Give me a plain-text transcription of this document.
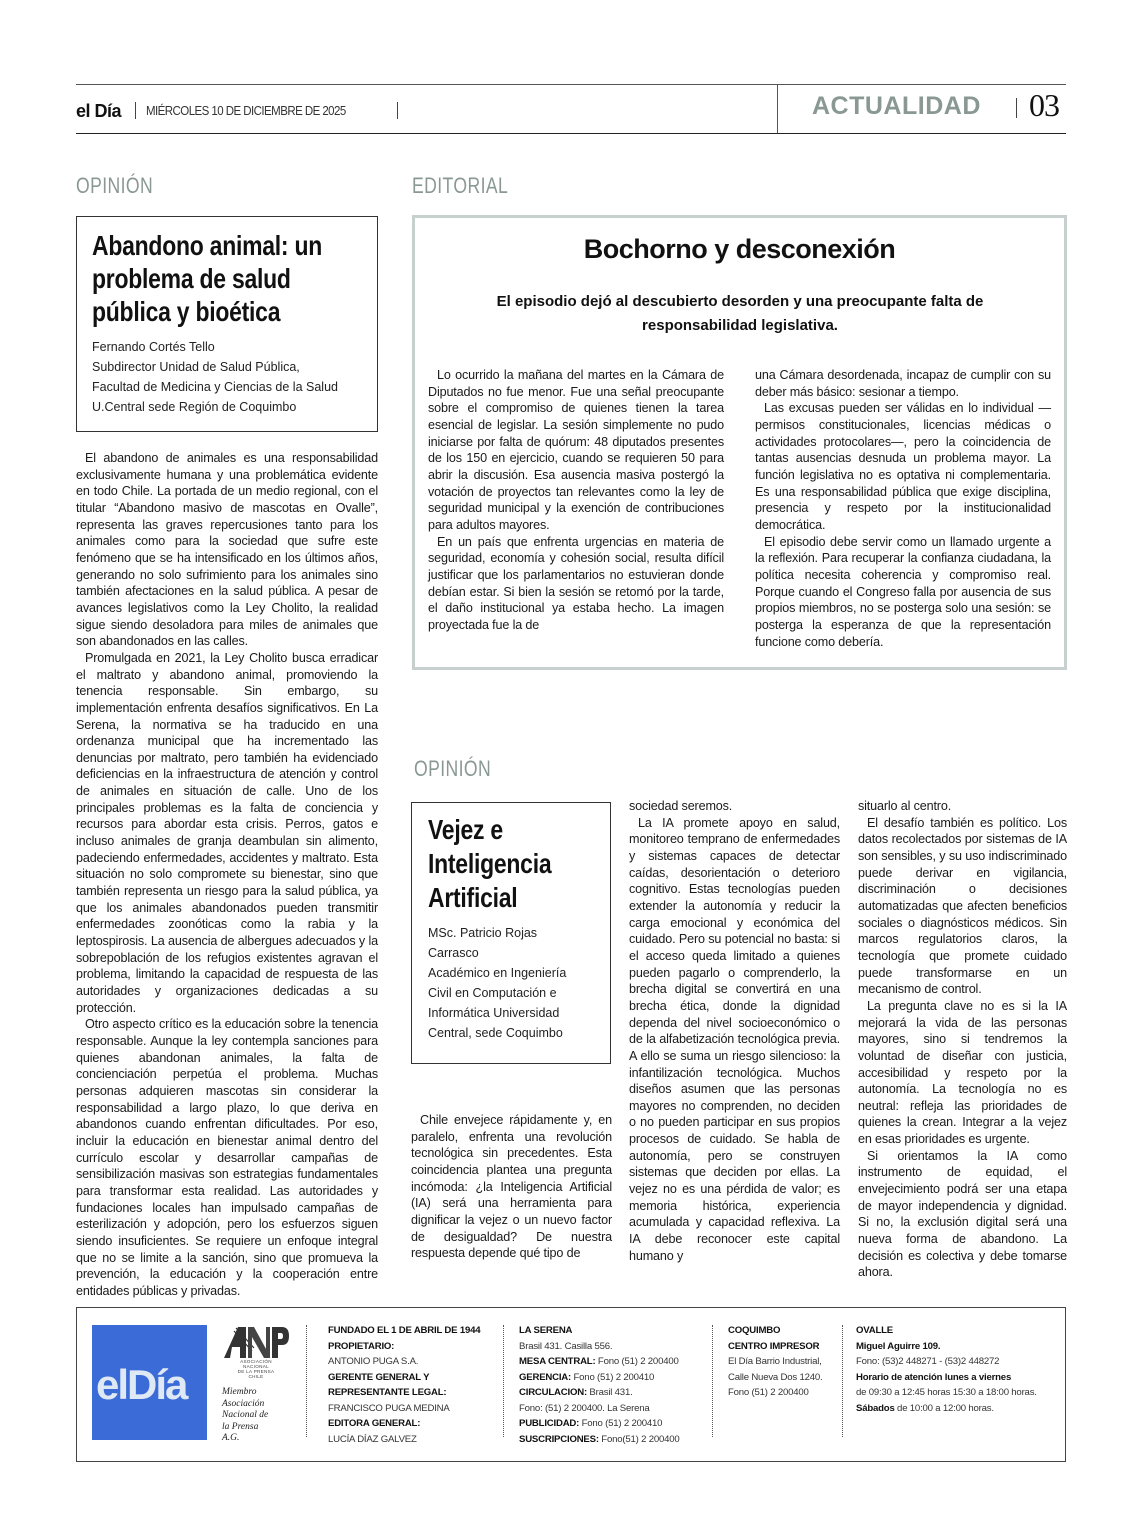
el Día MIÉRCOLES 10 DE DICIEMBRE DE 2025	ACTUALIDAD 03
OPINIÓN
Abandono animal: un
problema de salud
pública y bioética
Fernando Cortés Tello
Subdirector Unidad de Salud Pública,
Facultad de Medicina y Ciencias de la Salud
U.Central sede Región de Coquimbo

El abandono de animales es una responsabilidad exclusivamente humana y una problemática evidente en todo Chile. La portada de un medio regional, con el titular “Abandono masivo de mascotas en Ovalle”, representa las graves repercusiones tanto para los animales como para la sociedad que sufre este fenómeno que se ha intensificado en los últimos años, generando no solo sufrimiento para los animales sino también afectaciones en la salud pública. A pesar de avances legislativos como la Ley Cholito, la realidad sigue siendo desoladora para miles de animales que son abandonados en las calles.

Promulgada en 2021, la Ley Cholito busca erradicar el maltrato y abandono animal, promoviendo la tenencia responsable. Sin embargo, su implementación enfrenta desafíos significativos. En La Serena, la normativa se ha traducido en una ordenanza municipal que ha incrementado las denuncias por maltrato, pero también ha evidenciado deficiencias en la infraestructura de atención y control de animales en situación de calle. Uno de los principales problemas es la falta de conciencia y recursos para abordar esta crisis. Perros, gatos e incluso animales de granja deambulan sin alimento, padeciendo enfermedades, accidentes y maltrato. Esta situación no solo compromete su bienestar, sino que también representa un riesgo para la salud pública, ya que los animales abandonados pueden transmitir enfermedades zoonóticas como la rabia y la leptospirosis. La ausencia de albergues adecuados y la sobrepoblación de los refugios existentes agravan el problema, limitando la capacidad de respuesta de las autoridades y organizaciones dedicadas a su protección.

Otro aspecto crítico es la educación sobre la tenencia responsable. Aunque la ley contempla sanciones para quienes abandonan animales, la falta de concienciación perpetúa el problema. Muchas personas adquieren mascotas sin considerar la responsabilidad a largo plazo, lo que deriva en abandonos cuando enfrentan dificultades. Por eso, incluir la educación en bienestar animal dentro del currículo escolar y desarrollar campañas de sensibilización masivas son estrategias fundamentales para transformar esta realidad. Las autoridades y fundaciones locales han impulsado campañas de esterilización y adopción, pero los esfuerzos siguen siendo insuficientes. Se requiere un enfoque integral que no se limite a la sanción, sino que promueva la prevención, la educación y la cooperación entre entidades públicas y privadas.

EDITORIAL
Bochorno y desconexión
El episodio dejó al descubierto desorden y una preocupante falta de responsabilidad legislativa.

Lo ocurrido la mañana del martes en la Cámara de Diputados no fue menor. Fue una señal preocupante sobre el compromiso de quienes tienen la tarea esencial de legislar. La sesión simplemente no pudo iniciarse por falta de quórum: 48 diputados presentes de los 150 en ejercicio, cuando se requieren 50 para abrir la discusión. Esa ausencia masiva postergó la votación de proyectos tan relevantes como la ley de seguridad municipal y la exención de contribuciones para adultos mayores.

En un país que enfrenta urgencias en materia de seguridad, economía y cohesión social, resulta difícil justificar que los parlamentarios no estuvieran donde debían estar. Si bien la sesión se retomó por la tarde, el daño institucional ya estaba hecho. La imagen proyectada fue la de

una Cámara desordenada, incapaz de cumplir con su deber más básico: sesionar a tiempo.

Las excusas pueden ser válidas en lo individual —permisos constitucionales, licencias médicas o actividades protocolares—, pero la coincidencia de tantas ausencias desnuda un problema mayor. La función legislativa no es optativa ni complementaria. Es una responsabilidad pública que exige disciplina, presencia y respeto por la institucionalidad democrática.

El episodio debe servir como un llamado urgente a la reflexión. Para recuperar la confianza ciudadana, la política necesita coherencia y compromiso real. Porque cuando el Congreso falla por ausencia de sus propios miembros, no se posterga solo una sesión: se posterga la esperanza de que la representación funcione como debería.

OPINIÓN
Vejez e
Inteligencia
Artificial
MSc. Patricio Rojas
Carrasco
Académico en Ingeniería
Civil en Computación e
Informática Universidad
Central, sede Coquimbo

Chile envejece rápidamente y, en paralelo, enfrenta una revolución tecnológica sin precedentes. Esta coincidencia plantea una pregunta incómoda: ¿la Inteligencia Artificial (IA) será una herramienta para dignificar la vejez o un nuevo factor de desigualdad? De nuestra respuesta depende qué tipo de

sociedad seremos.

La IA promete apoyo en salud, monitoreo temprano de enfermedades y sistemas capaces de detectar caídas, desorientación o deterioro cognitivo. Estas tecnologías pueden extender la autonomía y reducir la carga emocional y económica del cuidado. Pero su potencial no basta: si el acceso queda limitado a quienes pueden pagarlo o comprenderlo, la brecha digital se convertirá en una brecha ética, donde la dignidad dependa del nivel socioeconómico o de la alfabetización tecnológica previa. A ello se suma un riesgo silencioso: la infantilización tecnológica. Muchos diseños asumen que las personas mayores no comprenden, no deciden o no pueden participar en sus propios procesos de cuidado. Se habla de autonomía, pero se construyen sistemas que deciden por ellas. La vejez no es una pérdida de valor; es memoria histórica, experiencia acumulada y capacidad reflexiva. La IA debe reconocer este capital humano y

situarlo al centro.

El desafío también es político. Los datos recolectados por sistemas de IA son sensibles, y su uso indiscriminado puede derivar en vigilancia, discriminación o decisiones automatizadas que afecten beneficios sociales o diagnósticos médicos. Sin marcos regulatorios claros, la tecnología que promete cuidado puede transformarse en un mecanismo de control.

La pregunta clave no es si la IA mejorará la vida de las personas mayores, sino si tendremos la voluntad de diseñar con justicia, accesibilidad y respeto por la autonomía. La tecnología no es neutral: refleja las prioridades de quienes la crean. Integrar a la vejez en esas prioridades es urgente.

Si orientamos la IA como instrumento de equidad, el envejecimiento podrá ser una etapa de mayor independencia y dignidad. Si no, la exclusión digital será una nueva forma de abandono. La decisión es colectiva y debe tomarse ahora.

elDía	ASOCIACIÓN
NACIONAL
DE LA PRENSA
CHILE
Miembro
Asociación
Nacional de
la Prensa
A.G.
FUNDADO EL 1 DE ABRIL DE 1944
PROPIETARIO:
ANTONIO PUGA S.A.
GERENTE GENERAL Y
REPRESENTANTE LEGAL:
FRANCISCO PUGA MEDINA
EDITORA GENERAL:
LUCÍA DÍAZ GALVEZ
LA SERENA
Brasil 431. Casilla 556.
MESA CENTRAL: Fono (51) 2 200400
GERENCIA: Fono (51) 2 200410
CIRCULACION: Brasil 431.
Fono: (51) 2 200400. La Serena
PUBLICIDAD: Fono (51) 2 200410
SUSCRIPCIONES: Fono(51) 2 200400
COQUIMBO
CENTRO IMPRESOR
El Día Barrio Industrial,
Calle Nueva Dos 1240.
Fono (51) 2 200400
OVALLE
Miguel Aguirre 109.
Fono: (53)2 448271 - (53)2 448272
Horario de atención lunes a viernes
de 09:30 a 12:45 horas 15:30 a 18:00 horas.
Sábados de 10:00 a 12:00 horas.
